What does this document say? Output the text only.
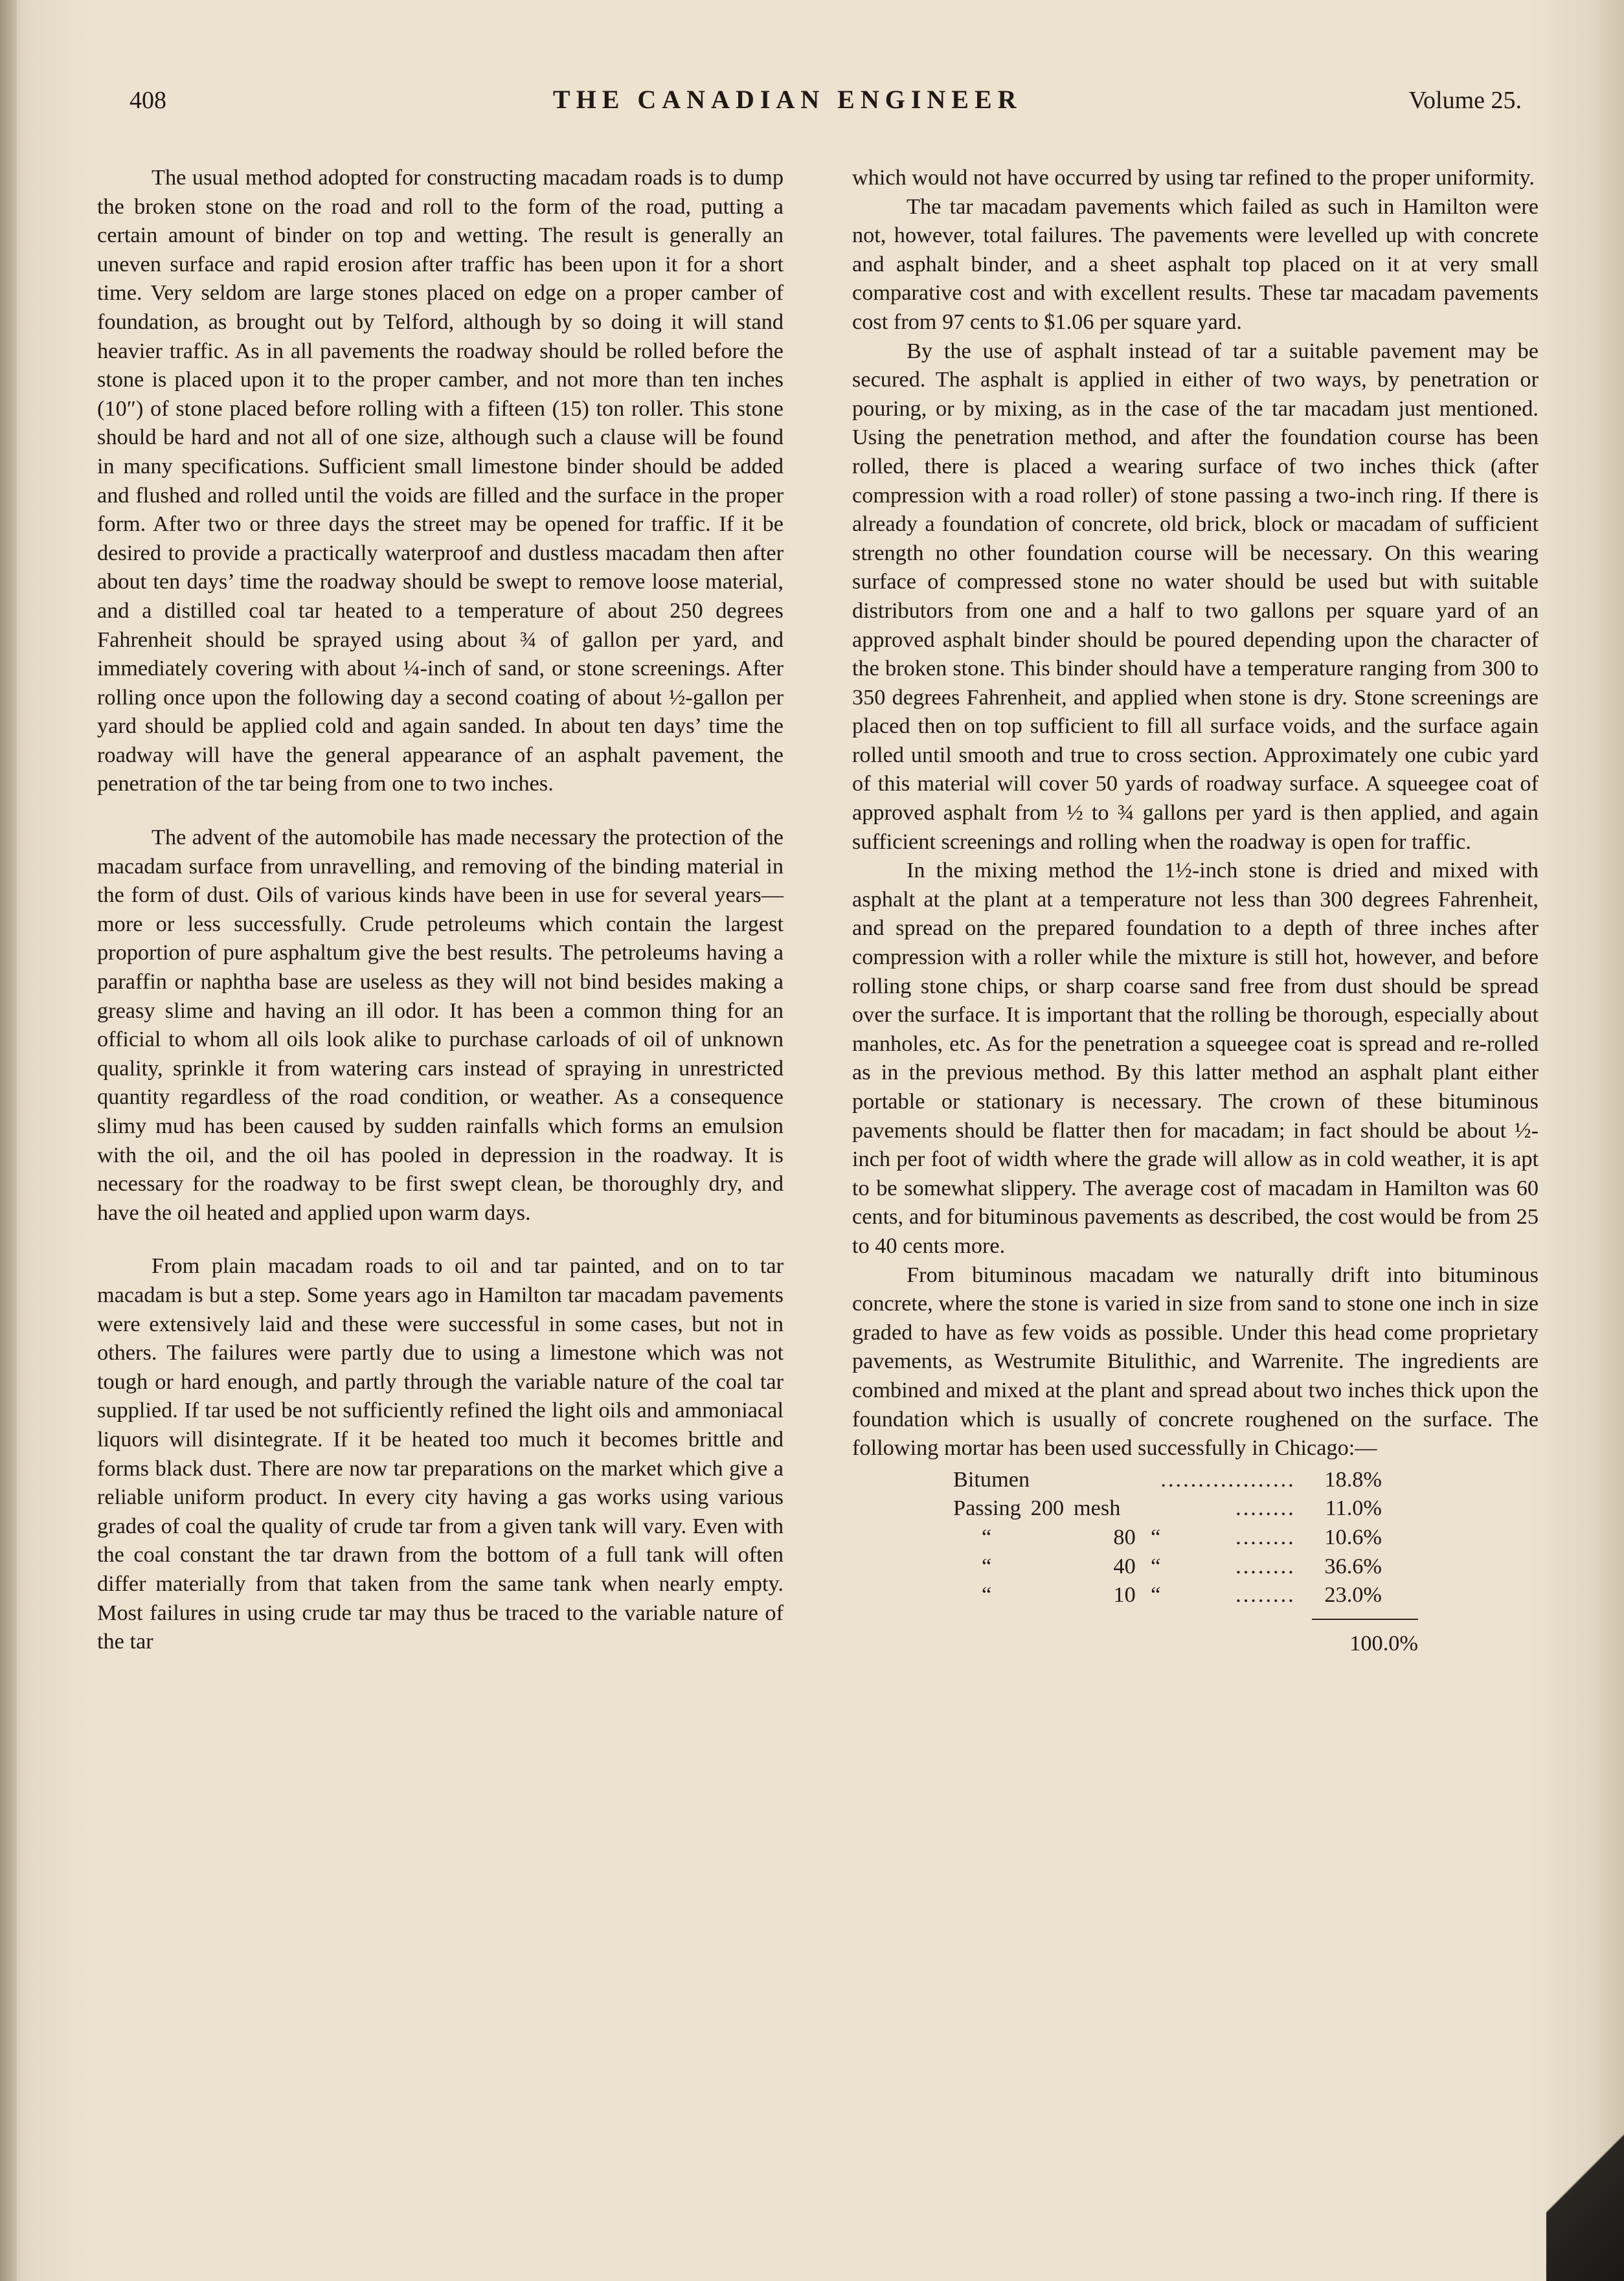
408	THE CANADIAN ENGINEER	Volume 25.

The usual method adopted for constructing macadam roads is to dump the broken stone on the road and roll to the form of the road, putting a certain amount of binder on top and wetting. The result is generally an uneven surface and rapid erosion after traffic has been upon it for a short time. Very seldom are large stones placed on edge on a proper camber of foundation, as brought out by Telford, although by so doing it will stand heavier traffic. As in all pavements the roadway should be rolled before the stone is placed upon it to the proper camber, and not more than ten inches (10″) of stone placed before rolling with a fifteen (15) ton roller. This stone should be hard and not all of one size, although such a clause will be found in many specifications. Sufficient small limestone binder should be added and flushed and rolled until the voids are filled and the surface in the proper form. After two or three days the street may be opened for traffic. If it be desired to provide a practically waterproof and dustless macadam then after about ten days’ time the roadway should be swept to remove loose material, and a distilled coal tar heated to a temperature of about 250 degrees Fahrenheit should be sprayed using about ¾ of gallon per yard, and immediately covering with about ¼-inch of sand, or stone screenings. After rolling once upon the following day a second coating of about ½-gallon per yard should be applied cold and again sanded. In about ten days’ time the roadway will have the general appearance of an asphalt pavement, the penetration of the tar being from one to two inches.

The advent of the automobile has made necessary the protection of the macadam surface from unravelling, and removing of the binding material in the form of dust. Oils of various kinds have been in use for several years—more or less successfully. Crude petroleums which contain the largest proportion of pure asphaltum give the best results. The petroleums having a paraffin or naphtha base are useless as they will not bind besides making a greasy slime and having an ill odor. It has been a common thing for an official to whom all oils look alike to purchase carloads of oil of unknown quality, sprinkle it from watering cars instead of spraying in unrestricted quantity regardless of the road condition, or weather. As a consequence slimy mud has been caused by sudden rainfalls which forms an emulsion with the oil, and the oil has pooled in depression in the roadway. It is necessary for the roadway to be first swept clean, be thoroughly dry, and have the oil heated and applied upon warm days.

From plain macadam roads to oil and tar painted, and on to tar macadam is but a step. Some years ago in Hamilton tar macadam pavements were extensively laid and these were successful in some cases, but not in others. The failures were partly due to using a limestone which was not tough or hard enough, and partly through the variable nature of the coal tar supplied. If tar used be not sufficiently refined the light oils and ammoniacal liquors will disintegrate. If it be heated too much it becomes brittle and forms black dust. There are now tar preparations on the market which give a reliable uniform product. In every city having a gas works using various grades of coal the quality of crude tar from a given tank will vary. Even with the coal constant the tar drawn from the bottom of a full tank will often differ materially from that taken from the same tank when nearly empty. Most failures in using crude tar may thus be traced to the variable nature of the tar

which would not have occurred by using tar refined to the proper uniformity.

The tar macadam pavements which failed as such in Hamilton were not, however, total failures. The pavements were levelled up with concrete and asphalt binder, and a sheet asphalt top placed on it at very small comparative cost and with excellent results. These tar macadam pavements cost from 97 cents to $1.06 per square yard.

By the use of asphalt instead of tar a suitable pavement may be secured. The asphalt is applied in either of two ways, by penetration or pouring, or by mixing, as in the case of the tar macadam just mentioned. Using the penetration method, and after the foundation course has been rolled, there is placed a wearing surface of two inches thick (after compression with a road roller) of stone passing a two-inch ring. If there is already a foundation of concrete, old brick, block or macadam of sufficient strength no other foundation course will be necessary. On this wearing surface of compressed stone no water should be used but with suitable distributors from one and a half to two gallons per square yard of an approved asphalt binder should be poured depending upon the character of the broken stone. This binder should have a temperature ranging from 300 to 350 degrees Fahrenheit, and applied when stone is dry. Stone screenings are placed then on top sufficient to fill all surface voids, and the surface again rolled until smooth and true to cross section. Approximately one cubic yard of this material will cover 50 yards of roadway surface. A squeegee coat of approved asphalt from ½ to ¾ gallons per yard is then applied, and again sufficient screenings and rolling when the roadway is open for traffic.

In the mixing method the 1½-inch stone is dried and mixed with asphalt at the plant at a temperature not less than 300 degrees Fahrenheit, and spread on the prepared foundation to a depth of three inches after compression with a roller while the mixture is still hot, however, and before rolling stone chips, or sharp coarse sand free from dust should be spread over the surface. It is important that the rolling be thorough, especially about manholes, etc. As for the penetration a squeegee coat is spread and re-rolled as in the previous method. By this latter method an asphalt plant either portable or stationary is necessary. The crown of these bituminous pavements should be flatter then for macadam; in fact should be about ½-inch per foot of width where the grade will allow as in cold weather, it is apt to be somewhat slippery. The average cost of macadam in Hamilton was 60 cents, and for bituminous pavements as described, the cost would be from 25 to 40 cents more.

From bituminous macadam we naturally drift into bituminous concrete, where the stone is varied in size from sand to stone one inch in size graded to have as few voids as possible. Under this head come proprietary pavements, as Westrumite Bitulithic, and Warrenite. The ingredients are combined and mixed at the plant and spread about two inches thick upon the foundation which is usually of concrete roughened on the surface. The following mortar has been used successfully in Chicago:—

Bitumen	..................	18.8%
Passing 200 mesh	........	11.0%
“ 80 “	........	10.6%
“ 40 “	........	36.6%
“ 10 “	........	23.0%
100.0%
